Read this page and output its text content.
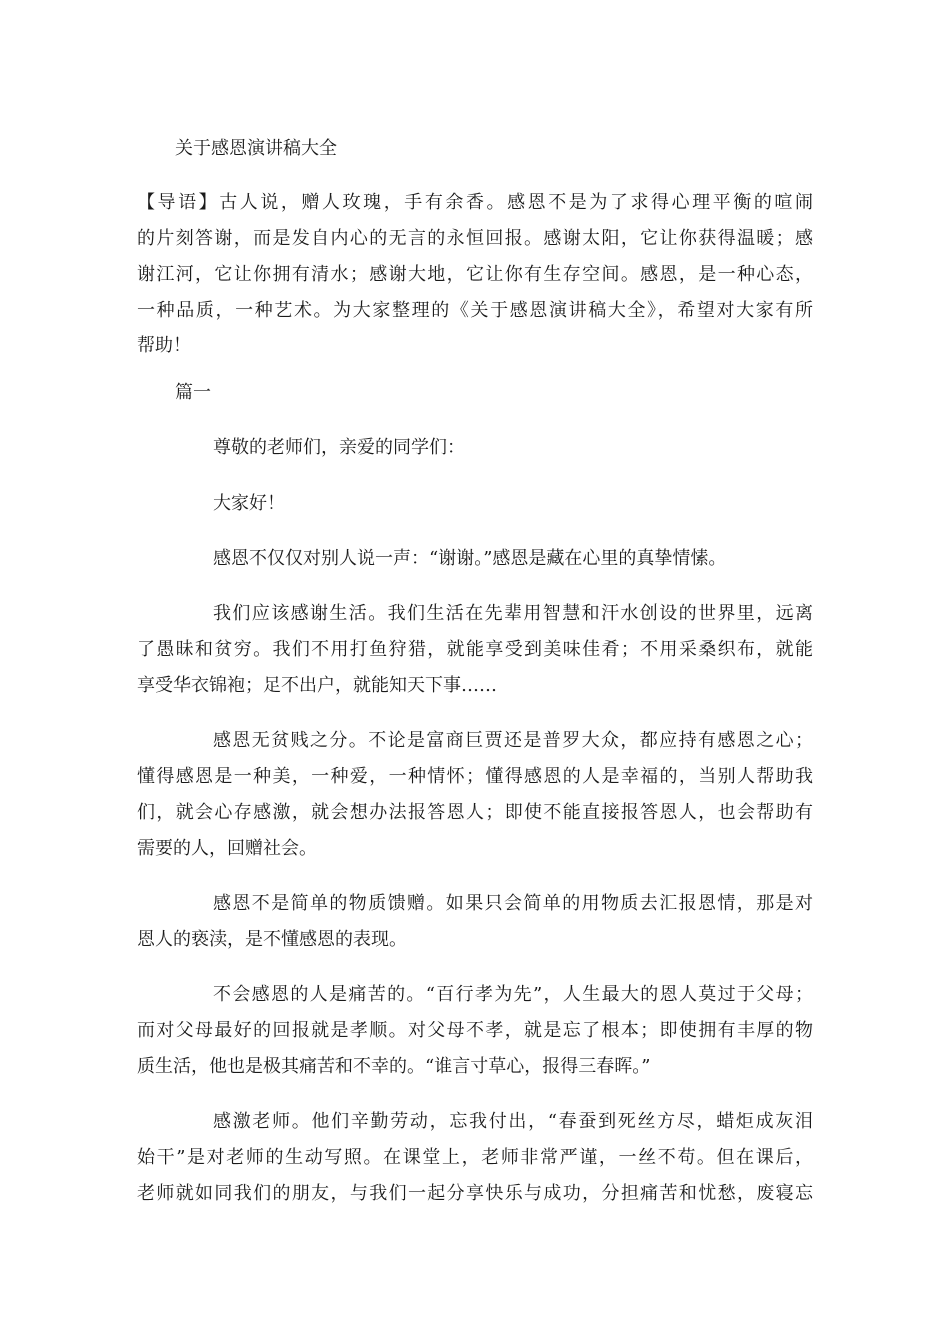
关于感恩演讲稿大全
【导语】古人说，赠人玫瑰，手有余香。感恩不是为了求得心理平衡的喧闹
的片刻答谢，而是发自内心的无言的永恒回报。感谢太阳，它让你获得温暖；感
谢江河，它让你拥有清水；感谢大地，它让你有生存空间。感恩，是一种心态，
一种品质，一种艺术。为大家整理的《关于感恩演讲稿大全》，希望对大家有所
帮助！
篇一
尊敬的老师们，亲爱的同学们：
大家好！
感恩不仅仅对别人说一声：“谢谢。”感恩是藏在心里的真挚情愫。
我们应该感谢生活。我们生活在先辈用智慧和汗水创设的世界里，远离
了愚昧和贫穷。我们不用打鱼狩猎，就能享受到美味佳肴；不用采桑织布，就能
享受华衣锦袍；足不出户，就能知天下事……
感恩无贫贱之分。不论是富商巨贾还是普罗大众，都应持有感恩之心；
懂得感恩是一种美，一种爱，一种情怀；懂得感恩的人是幸福的，当别人帮助我
们，就会心存感激，就会想办法报答恩人；即使不能直接报答恩人，也会帮助有
需要的人，回赠社会。
感恩不是简单的物质馈赠。如果只会简单的用物质去汇报恩情，那是对
恩人的亵渎，是不懂感恩的表现。
不会感恩的人是痛苦的。“百行孝为先”，人生最大的恩人莫过于父母；
而对父母最好的回报就是孝顺。对父母不孝，就是忘了根本；即使拥有丰厚的物
质生活，他也是极其痛苦和不幸的。“谁言寸草心，报得三春晖。”
感激老师。他们辛勤劳动，忘我付出，“春蚕到死丝方尽，蜡炬成灰泪
始干”是对老师的生动写照。在课堂上，老师非常严谨，一丝不苟。但在课后，
老师就如同我们的朋友，与我们一起分享快乐与成功，分担痛苦和忧愁，废寝忘
